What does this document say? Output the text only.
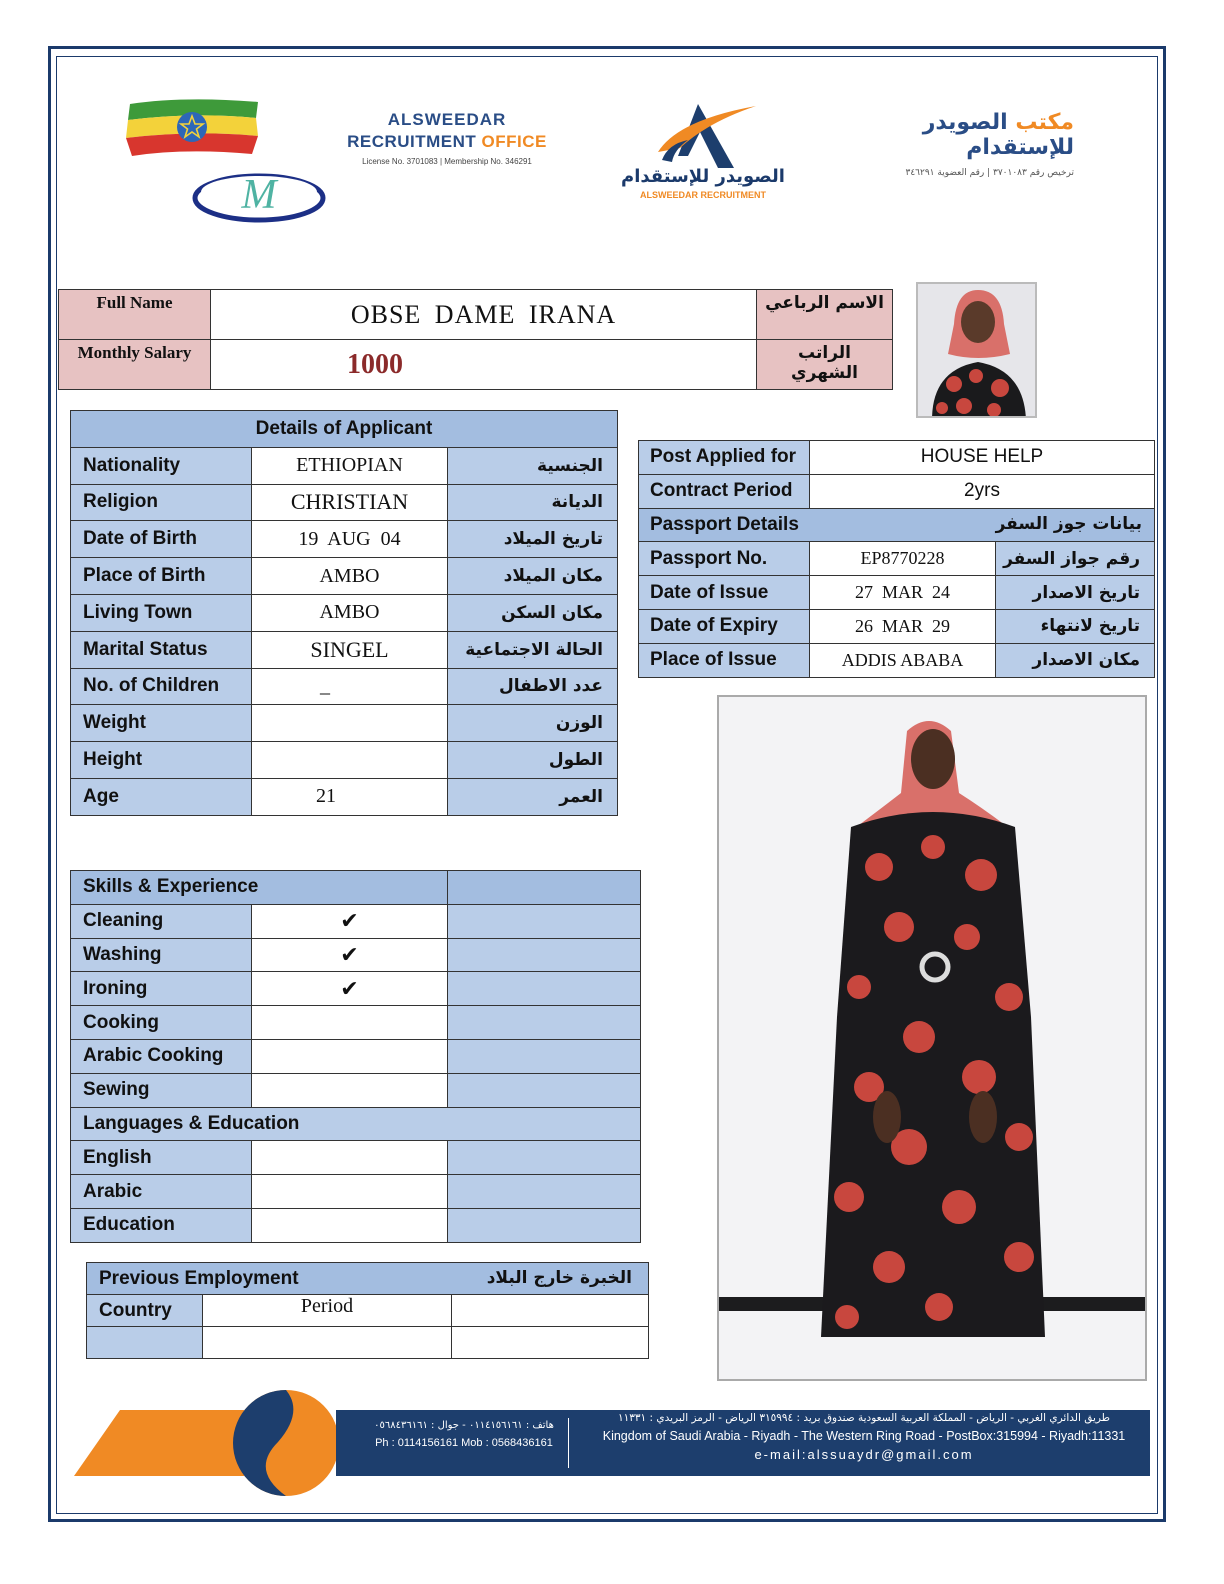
M
ALSWEEDAR
RECRUITMENT OFFICE
License No. 3701083 | Membership No. 346291
الصويدر للإستقدام
ALSWEEDAR RECRUITMENT
مكتب الصويدر للإستقدام
ترخيص رقم ٣٧٠١٠٨٣ | رقم العضوية ٣٤٦٢٩١
Full Name	OBSE DAME IRANA	الاسم الرباعي
Monthly Salary	1000	الراتب الشهري
Details of Applicant		
Nationality	ETHIOPIAN	الجنسية
Religion	CHRISTIAN	الديانة
Date of Birth	19  AUG  04	تاريخ الميلاد
Place of Birth	AMBO	مكان الميلاد
Living Town	AMBO	مكان السكن
Marital Status	SINGEL	الحالة الاجتماعية
No. of Children	_	عدد الاطفال
Weight		الوزن
Height		الطول
Age	21	العمر
Post Applied for	HOUSE HELP	
Contract Period	2yrs	

بيانات جوز السفر
Passport Details		
Passport No.	EP8770228	رقم جواز السفر
Date of Issue	27  MAR  24	تاريخ الاصدار
Date of Expiry	26  MAR  29	تاريخ لانتهاء
Place of Issue	ADDIS ABABA	مكان الاصدار
Skills & Experience		
Cleaning	✔	
Washing	✔	
Ironing	✔	
Cooking		
Arabic Cooking		
Sewing		
Languages & Education		
English		
Arabic		
Education		
الخبرة خارج البلاد
Previous Employment		
Country	Period	

هاتف : ٠١١٤١٥٦١٦١ - جوال : ٠٥٦٨٤٣٦١٦١
Ph : 0114156161 Mob : 0568436161
طريق الدائري الغربي - الرياض - المملكة العربية السعودية صندوق بريد : ٣١٥٩٩٤ الرياض - الرمز البريدي : ١١٣٣١
Kingdom of Saudi Arabia - Riyadh - The Western Ring Road - PostBox:315994 - Riyadh:11331
e-mail:alssuaydr@gmail.com
